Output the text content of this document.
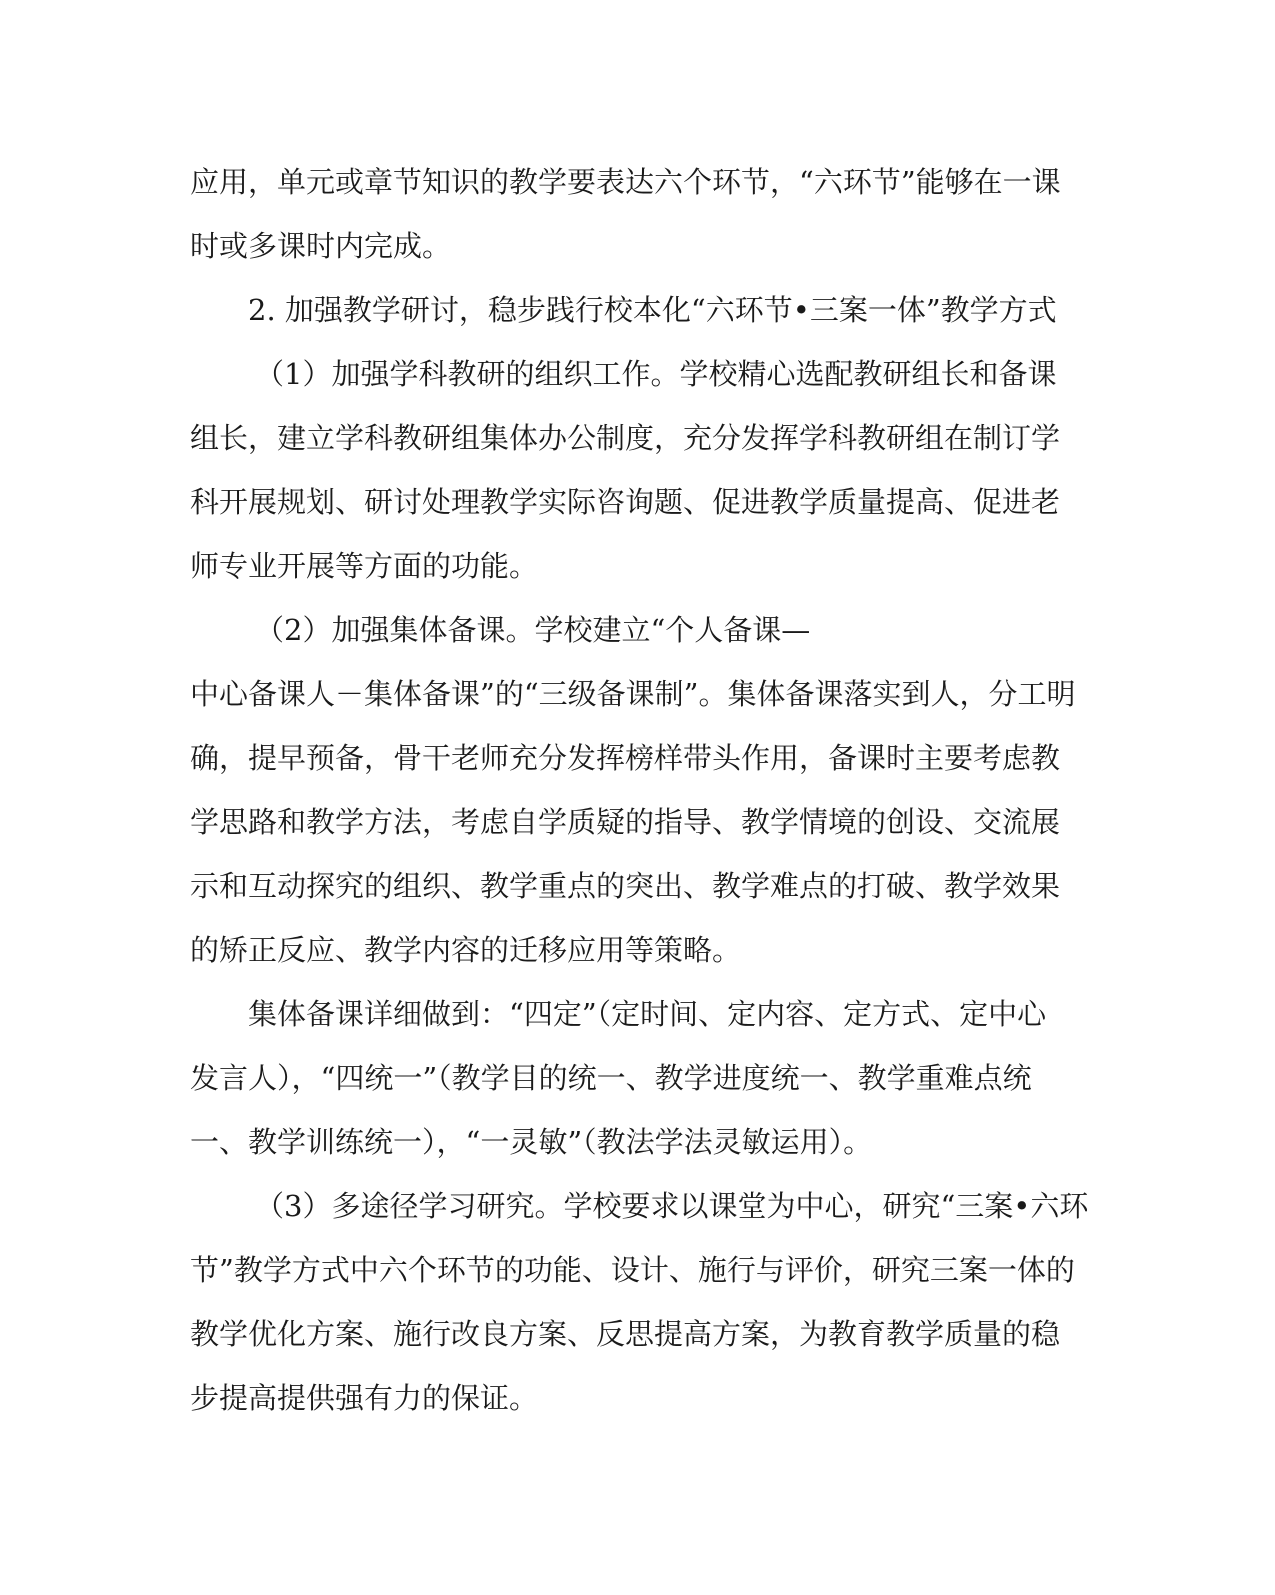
应用，单元或章节知识的教学要表达六个环节，“六环节”能够在一课
时或多课时内完成。
2. 加强教学研讨，稳步践行校本化“六环节•三案一体”教学方式
（1）加强学科教研的组织工作。学校精心选配教研组长和备课
组长，建立学科教研组集体办公制度，充分发挥学科教研组在制订学
科开展规划、研讨处理教学实际咨询题、促进教学质量提高、促进老
师专业开展等方面的功能。
（2）加强集体备课。学校建立“个人备课—
中心备课人－集体备课”的“三级备课制”。集体备课落实到人，分工明
确，提早预备，骨干老师充分发挥榜样带头作用，备课时主要考虑教
学思路和教学方法，考虑自学质疑的指导、教学情境的创设、交流展
示和互动探究的组织、教学重点的突出、教学难点的打破、教学效果
的矫正反应、教学内容的迁移应用等策略。
集体备课详细做到：“四定”（定时间、定内容、定方式、定中心
发言人），“四统一”（教学目的统一、教学进度统一、教学重难点统
一、教学训练统一），“一灵敏”（教法学法灵敏运用）。
（3）多途径学习研究。学校要求以课堂为中心，研究“三案•六环
节”教学方式中六个环节的功能、设计、施行与评价，研究三案一体的
教学优化方案、施行改良方案、反思提高方案，为教育教学质量的稳
步提高提供强有力的保证。
